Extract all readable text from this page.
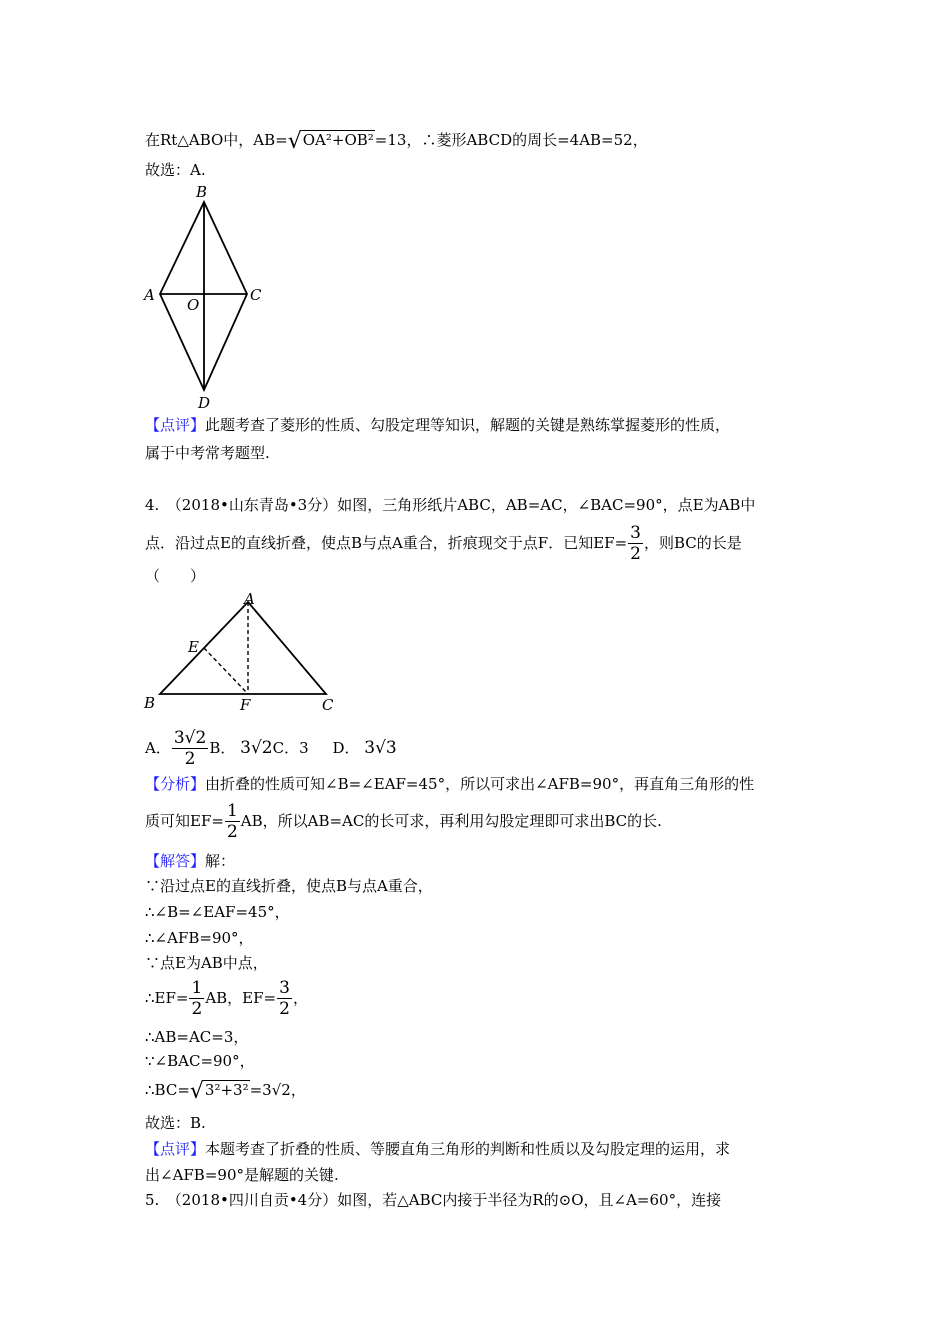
在Rt△ABO中，AB=√OA²+OB²=13，∴菱形ABCD的周长=4AB=52，
故选：A.
B
A	C
O
D
【点评】此题考查了菱形的性质、勾股定理等知识，解题的关键是熟练掌握菱形的性质，
属于中考常考题型.
4.　（2018•山东青岛•3分）如图，三角形纸片ABC，AB=AC，∠BAC=90°，点E为AB中
点．沿过点E的直线折叠，使点B与点A重合，折痕现交于点F．已知$EF= \frac{3}{2}$ ，则BC的长是
（　　）
A
E
B	F	C
A． $\frac{3√2}{2}$ B． 3√2C．3 D． 3√3
【分析】由折叠的性质可知∠B=∠EAF=45°，所以可求出∠AFB=90°，再直角三角形的性
质可知$EF= \frac{1}{2}$ AB，所以AB=AC的长可求，再利用勾股定理即可求出BC的长.
【解答】解：
∵沿过点E的直线折叠，使点B与点A重合，
∴∠B=∠EAF=45°，
∴∠AFB=90°，
∵点E为AB中点，
∴EF= $\frac{1}{2}$ AB，$EF= \frac{3}{2}$ ，
∴AB=AC=3，
∵∠BAC=90°，
∴BC=√3²+3²=3√2，
故选：B.
【点评】本题考查了折叠的性质、等腰直角三角形的判断和性质以及勾股定理的运用，求
出∠AFB=90°是解题的关键.
5.　（2018•四川自贡•4分）如图，若△ABC内接于半径为R的⊙O，且∠A=60°，连接
